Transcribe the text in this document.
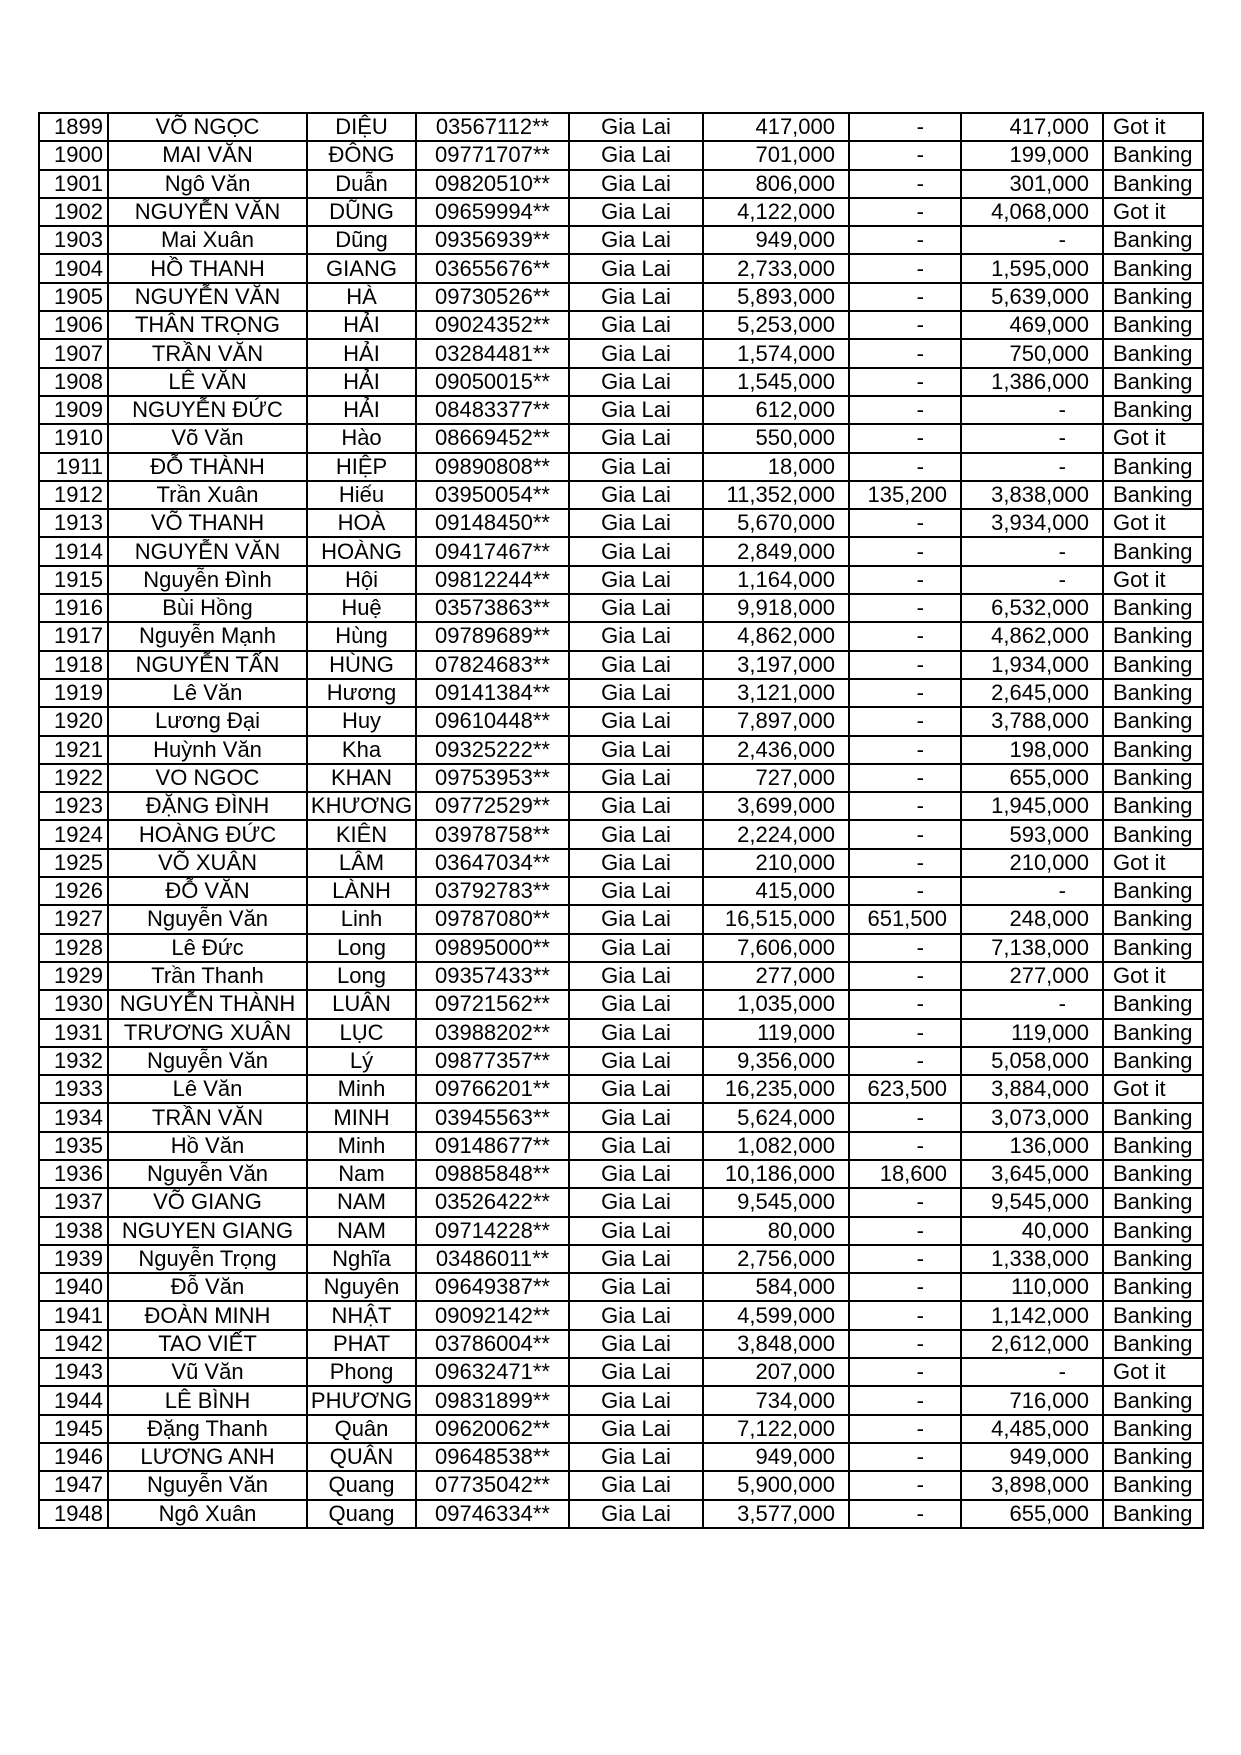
1899	VÕ NGỌC	DIỆU	03567112**	Gia Lai	417,000	-	417,000	Got it
1900	MAI VĂN	ĐÔNG	09771707**	Gia Lai	701,000	-	199,000	Banking
1901	Ngô Văn	Duẫn	09820510**	Gia Lai	806,000	-	301,000	Banking
1902	NGUYỄN VĂN	DŨNG	09659994**	Gia Lai	4,122,000	-	4,068,000	Got it
1903	Mai Xuân	Dũng	09356939**	Gia Lai	949,000	-	-	Banking
1904	HỒ THANH	GIANG	03655676**	Gia Lai	2,733,000	-	1,595,000	Banking
1905	NGUYỄN VĂN	HÀ	09730526**	Gia Lai	5,893,000	-	5,639,000	Banking
1906	THÂN TRỌNG	HẢI	09024352**	Gia Lai	5,253,000	-	469,000	Banking
1907	TRẦN VĂN	HẢI	03284481**	Gia Lai	1,574,000	-	750,000	Banking
1908	LÊ VĂN	HẢI	09050015**	Gia Lai	1,545,000	-	1,386,000	Banking
1909	NGUYỄN ĐỨC	HẢI	08483377**	Gia Lai	612,000	-	-	Banking
1910	Võ Văn	Hào	08669452**	Gia Lai	550,000	-	-	Got it
1911	ĐỖ THÀNH	HIỆP	09890808**	Gia Lai	18,000	-	-	Banking
1912	Trần Xuân	Hiếu	03950054**	Gia Lai	11,352,000	135,200	3,838,000	Banking
1913	VÕ THANH	HOÀ	09148450**	Gia Lai	5,670,000	-	3,934,000	Got it
1914	NGUYỄN VĂN	HOÀNG	09417467**	Gia Lai	2,849,000	-	-	Banking
1915	Nguyễn Đình	Hội	09812244**	Gia Lai	1,164,000	-	-	Got it
1916	Bùi Hồng	Huệ	03573863**	Gia Lai	9,918,000	-	6,532,000	Banking
1917	Nguyễn Mạnh	Hùng	09789689**	Gia Lai	4,862,000	-	4,862,000	Banking
1918	NGUYỄN TẤN	HÙNG	07824683**	Gia Lai	3,197,000	-	1,934,000	Banking
1919	Lê Văn	Hương	09141384**	Gia Lai	3,121,000	-	2,645,000	Banking
1920	Lương Đại	Huy	09610448**	Gia Lai	7,897,000	-	3,788,000	Banking
1921	Huỳnh Văn	Kha	09325222**	Gia Lai	2,436,000	-	198,000	Banking
1922	VO NGOC	KHAN	09753953**	Gia Lai	727,000	-	655,000	Banking
1923	ĐẶNG ĐÌNH	KHƯƠNG	09772529**	Gia Lai	3,699,000	-	1,945,000	Banking
1924	HOÀNG ĐỨC	KIÊN	03978758**	Gia Lai	2,224,000	-	593,000	Banking
1925	VÕ XUÂN	LÂM	03647034**	Gia Lai	210,000	-	210,000	Got it
1926	ĐỖ VĂN	LÀNH	03792783**	Gia Lai	415,000	-	-	Banking
1927	Nguyễn Văn	Linh	09787080**	Gia Lai	16,515,000	651,500	248,000	Banking
1928	Lê Đức	Long	09895000**	Gia Lai	7,606,000	-	7,138,000	Banking
1929	Trần Thanh	Long	09357433**	Gia Lai	277,000	-	277,000	Got it
1930	NGUYỄN THÀNH	LUÂN	09721562**	Gia Lai	1,035,000	-	-	Banking
1931	TRƯƠNG XUÂN	LỤC	03988202**	Gia Lai	119,000	-	119,000	Banking
1932	Nguyễn Văn	Lý	09877357**	Gia Lai	9,356,000	-	5,058,000	Banking
1933	Lê Văn	Minh	09766201**	Gia Lai	16,235,000	623,500	3,884,000	Got it
1934	TRẦN VĂN	MINH	03945563**	Gia Lai	5,624,000	-	3,073,000	Banking
1935	Hồ Văn	Minh	09148677**	Gia Lai	1,082,000	-	136,000	Banking
1936	Nguyễn Văn	Nam	09885848**	Gia Lai	10,186,000	18,600	3,645,000	Banking
1937	VÕ GIANG	NAM	03526422**	Gia Lai	9,545,000	-	9,545,000	Banking
1938	NGUYEN GIANG	NAM	09714228**	Gia Lai	80,000	-	40,000	Banking
1939	Nguyễn Trọng	Nghĩa	03486011**	Gia Lai	2,756,000	-	1,338,000	Banking
1940	Đỗ Văn	Nguyên	09649387**	Gia Lai	584,000	-	110,000	Banking
1941	ĐOÀN MINH	NHẬT	09092142**	Gia Lai	4,599,000	-	1,142,000	Banking
1942	TAO VIẾT	PHAT	03786004**	Gia Lai	3,848,000	-	2,612,000	Banking
1943	Vũ Văn	Phong	09632471**	Gia Lai	207,000	-	-	Got it
1944	LÊ BÌNH	PHƯƠNG	09831899**	Gia Lai	734,000	-	716,000	Banking
1945	Đặng Thanh	Quân	09620062**	Gia Lai	7,122,000	-	4,485,000	Banking
1946	LƯƠNG ANH	QUÂN	09648538**	Gia Lai	949,000	-	949,000	Banking
1947	Nguyễn Văn	Quang	07735042**	Gia Lai	5,900,000	-	3,898,000	Banking
1948	Ngô Xuân	Quang	09746334**	Gia Lai	3,577,000	-	655,000	Banking
